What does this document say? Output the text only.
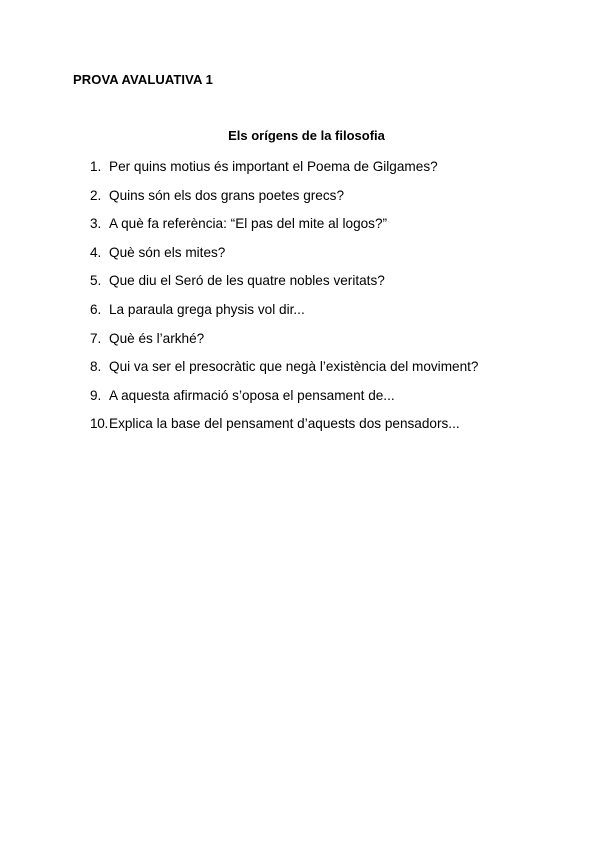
PROVA AVALUATIVA 1
Els orígens de la filosofia
1. Per quins motius és important el Poema de Gilgames?
2. Quins són els dos grans poetes grecs?
3. A què fa referència: “El pas del mite al logos?”
4. Què són els mites?
5. Que diu el Seró de les quatre nobles veritats?
6. La paraula grega physis vol dir...
7. Què és l’arkhé?
8. Qui va ser el presocràtic que negà l’existència del moviment?
9. A aquesta afirmació s’oposa el pensament de...
10.Explica la base del pensament d’aquests dos pensadors...
